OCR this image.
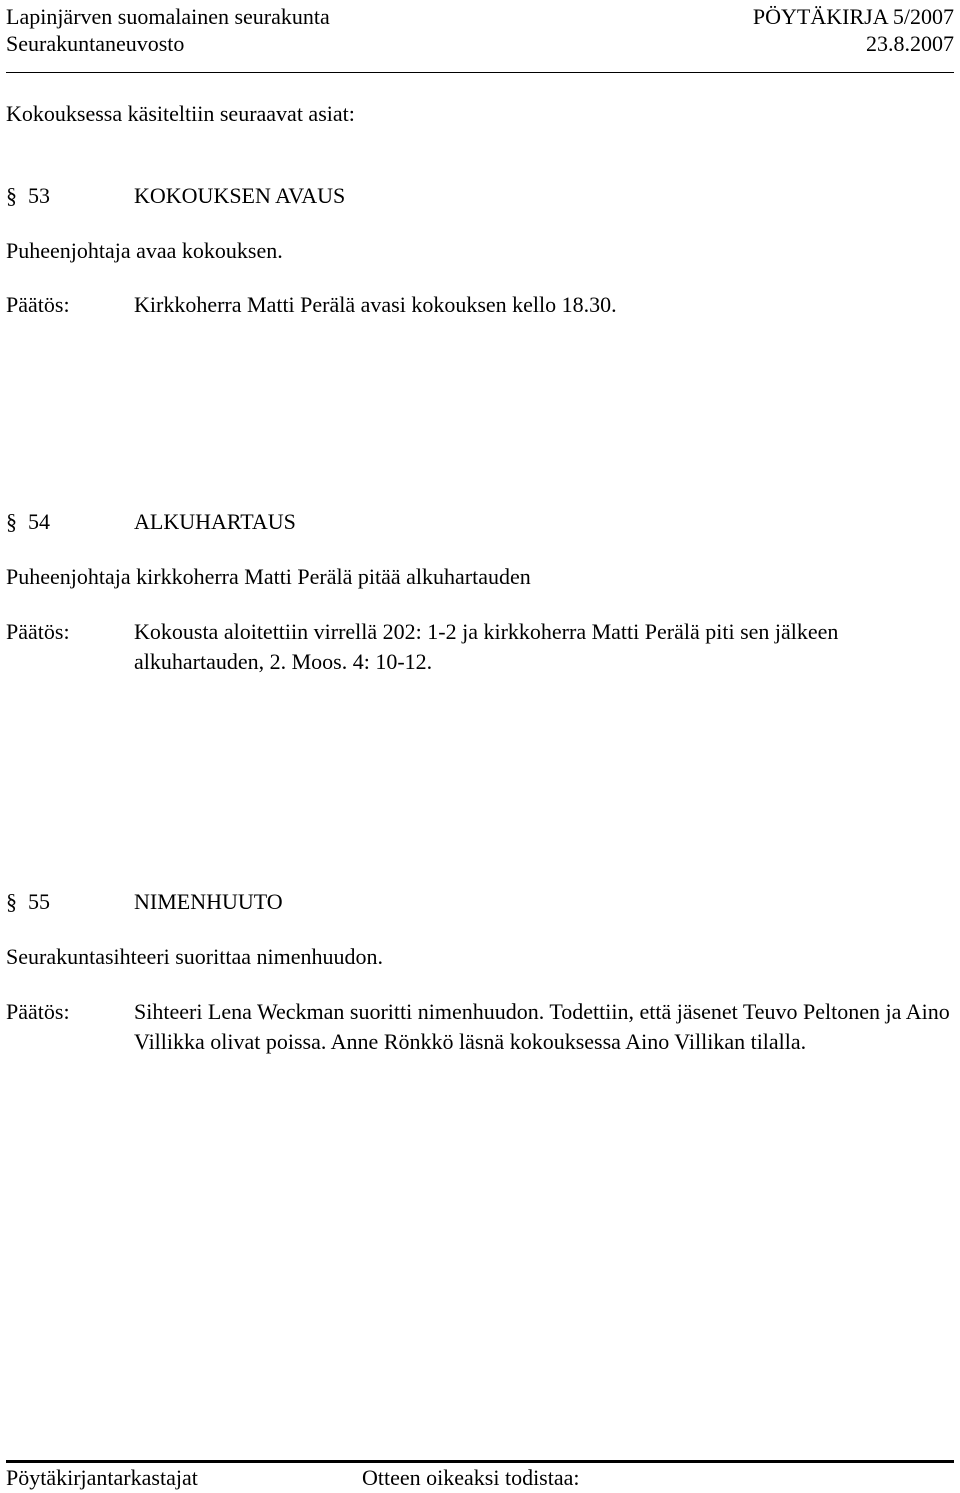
Lapinjärven suomalainen seurakunta	PÖYTÄKIRJA 5/2007
Seurakuntaneuvosto	23.8.2007
Kokouksessa käsiteltiin seuraavat asiat:
§ 53	KOKOUKSEN AVAUS
Puheenjohtaja avaa kokouksen.
Päätös:	Kirkkoherra Matti Perälä avasi kokouksen kello 18.30.
§ 54	ALKUHARTAUS
Puheenjohtaja kirkkoherra Matti Perälä pitää alkuhartauden
Päätös:	Kokousta aloitettiin virrellä 202: 1-2 ja kirkkoherra Matti Perälä piti sen jälkeen alkuhartauden, 2. Moos. 4: 10-12.
§ 55	NIMENHUUTO
Seurakuntasihteeri suorittaa nimenhuudon.
Päätös:	Sihteeri Lena Weckman suoritti nimenhuudon. Todettiin, että jäsenet Teuvo Peltonen ja Aino Villikka olivat poissa. Anne Rönkkö läsnä kokouksessa Aino Villikan tilalla.
Pöytäkirjantarkastajat	Otteen oikeaksi todistaa:
